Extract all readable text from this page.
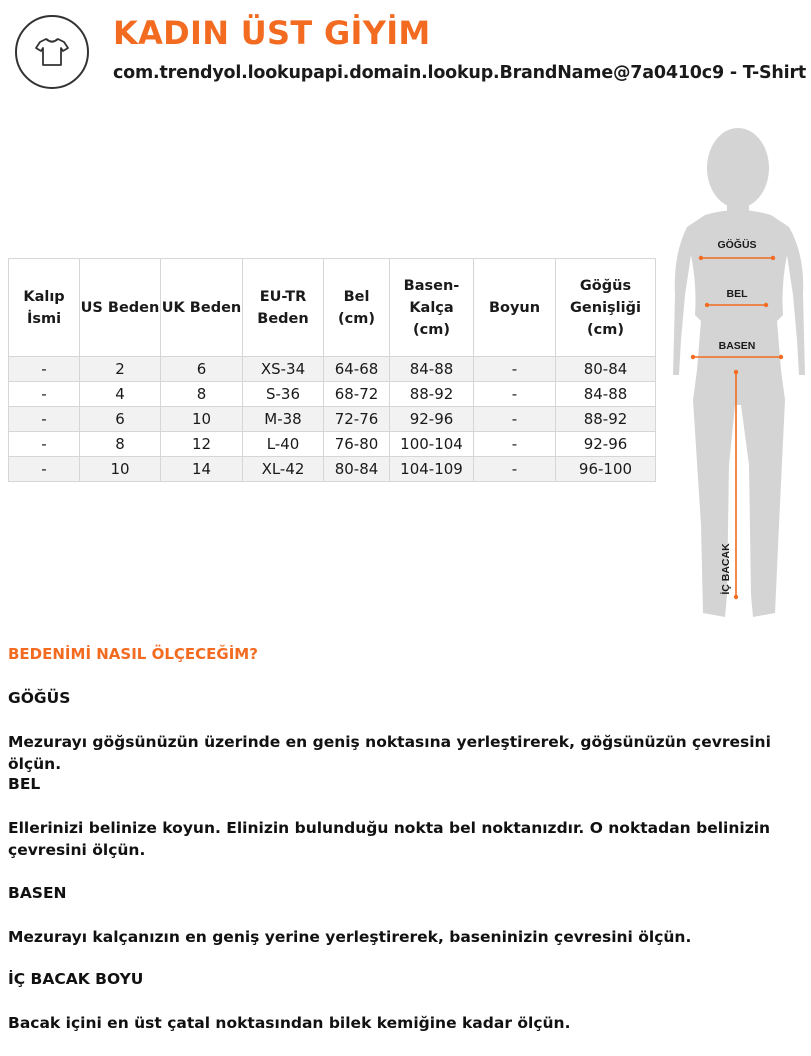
KADIN ÜST GİYİM
com.trendyol.lookupapi.domain.lookup.BrandName@7a0410c9 - T-Shirt
Kalıp İsmi	US Beden	UK Beden	EU-TR Beden	Bel (cm)	Basen-Kalça (cm)	Boyun	Göğüs Genişliği (cm)
-	2	6	XS-34	64-68	84-88	-	80-84
-	4	8	S-36	68-72	88-92	-	84-88
-	6	10	M-38	72-76	92-96	-	88-92
-	8	12	L-40	76-80	100-104	-	92-96
-	10	14	XL-42	80-84	104-109	-	96-100
GÖĞÜS
BEL
BASEN
İÇ BACAK
BEDENİMİ NASIL ÖLÇECEĞİM?
GÖĞÜS
Mezurayı göğsünüzün üzerinde en geniş noktasına yerleştirerek, göğsünüzün çevresini ölçün.
BEL
Ellerinizi belinize koyun. Elinizin bulunduğu nokta bel noktanızdır. O noktadan belinizin çevresini ölçün.
BASEN
Mezurayı kalçanızın en geniş yerine yerleştirerek, baseninizin çevresini ölçün.
İÇ BACAK BOYU
Bacak içini en üst çatal noktasından bilek kemiğine kadar ölçün.
